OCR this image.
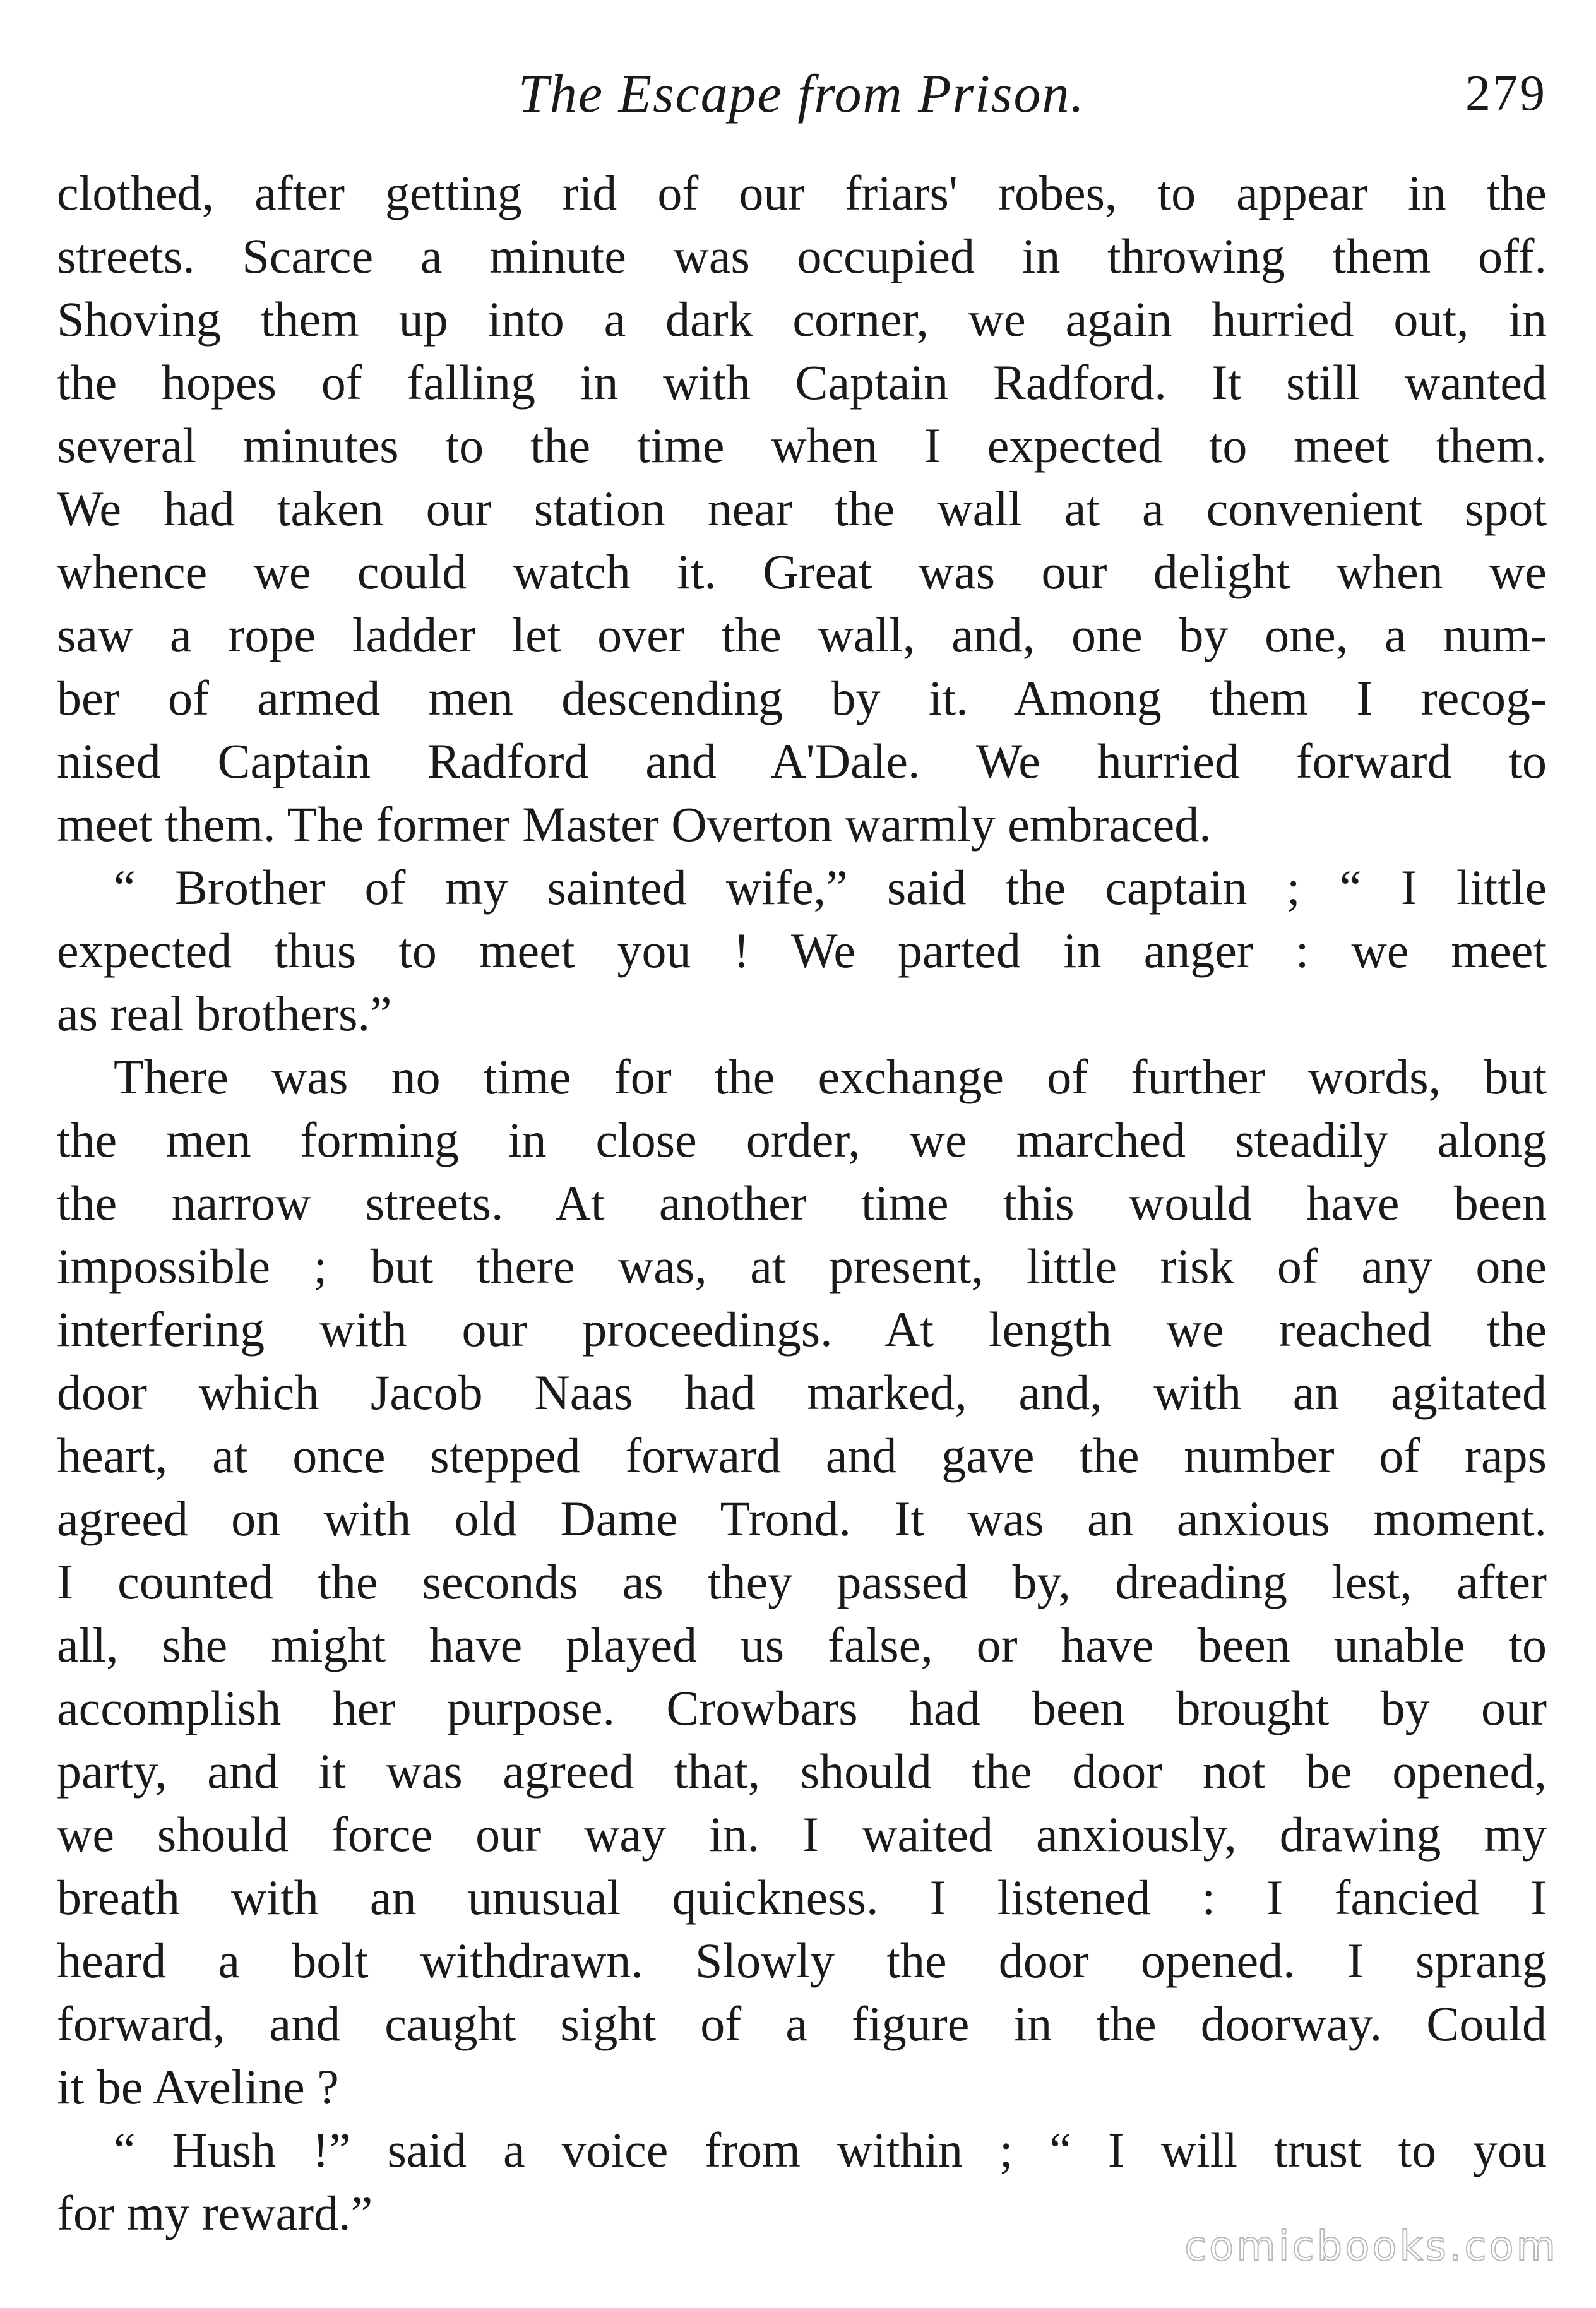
The Escape from Prison.	279
clothed, after getting rid of our friars' robes, to appear in the
streets. Scarce a minute was occupied in throwing them off.
Shoving them up into a dark corner, we again hurried out, in
the hopes of falling in with Captain Radford. It still wanted
several minutes to the time when I expected to meet them.
We had taken our station near the wall at a convenient spot
whence we could watch it. Great was our delight when we
saw a rope ladder let over the wall, and, one by one, a num-
ber of armed men descending by it. Among them I recog-
nised Captain Radford and A'Dale. We hurried forward to
meet them. The former Master Overton warmly embraced.
“ Brother of my sainted wife,” said the captain ; “ I little
expected thus to meet you ! We parted in anger : we meet
as real brothers.”
There was no time for the exchange of further words, but
the men forming in close order, we marched steadily along
the narrow streets. At another time this would have been
impossible ; but there was, at present, little risk of any one
interfering with our proceedings. At length we reached the
door which Jacob Naas had marked, and, with an agitated
heart, at once stepped forward and gave the number of raps
agreed on with old Dame Trond. It was an anxious moment.
I counted the seconds as they passed by, dreading lest, after
all, she might have played us false, or have been unable to
accomplish her purpose. Crowbars had been brought by our
party, and it was agreed that, should the door not be opened,
we should force our way in. I waited anxiously, drawing my
breath with an unusual quickness. I listened : I fancied I
heard a bolt withdrawn. Slowly the door opened. I sprang
forward, and caught sight of a figure in the doorway. Could
it be Aveline ?
“ Hush !” said a voice from within ; “ I will trust to you
for my reward.”
comicbooks.com
